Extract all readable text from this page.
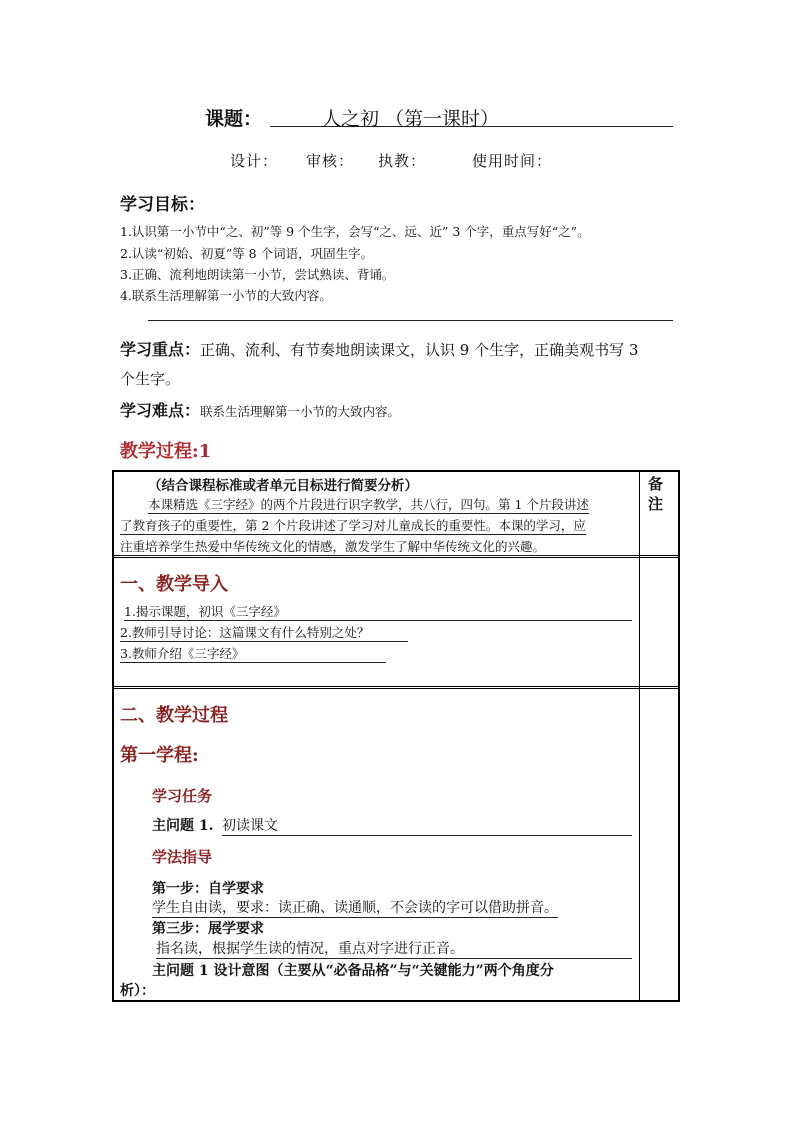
课题：	人之初 （第一课时）
设计： 审核： 执教：	使用时间：
学习目标：
1.认识第一小节中“之、初”等 9 个生字，会写“之、远、近” 3 个字，重点写好“之”。
2.认读“初始、初夏”等 8 个词语，巩固生字。
3.正确、流利地朗读第一小节，尝试熟读、背诵。
4.联系生活理解第一小节的大致内容。
学习重点：正确、流利、有节奏地朗读课文，认识 9 个生字，正确美观书写 3
个生字。
学习难点：联系生活理解第一小节的大致内容。
教学过程:1
备
注
（结合课程标准或者单元目标进行简要分析）
本课精选《三字经》的两个片段进行识字教学，共八行，四句。第 1 个片段讲述
了教育孩子的重要性，第 2 个片段讲述了学习对儿童成长的重要性。本课的学习，应
注重培养学生热爱中华传统文化的情感，激发学生了解中华传统文化的兴趣。
一、教学导入
1.揭示课题，初识《三字经》
2.教师引导讨论：这篇课文有什么特别之处？
3.教师介绍《三字经》
二、教学过程
第一学程:
学习任务
主问题 1. 初读课文
学法指导
第一步：自学要求
学生自由读，要求：读正确、读通顺，不会读的字可以借助拼音。
第三步：展学要求
指名读，根据学生读的情况，重点对字进行正音。
主问题 1 设计意图（主要从“必备品格”与“关键能力”两个角度分
析）：
